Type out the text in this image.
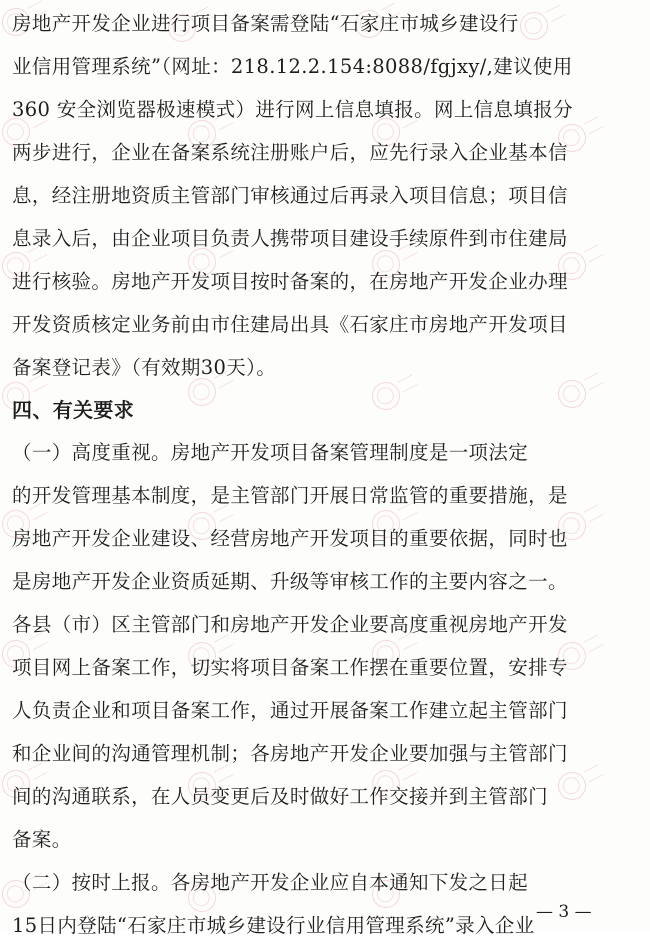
房地产开发企业进行项目备案需登陆“石家庄市城乡建设行
业信用管理系统”（网址：218.12.2.154:8088/fgjxy/,建议使用
360 安全浏览器极速模式）进行网上信息填报。网上信息填报分
两步进行，企业在备案系统注册账户后，应先行录入企业基本信
息，经注册地资质主管部门审核通过后再录入项目信息；项目信
息录入后，由企业项目负责人携带项目建设手续原件到市住建局
进行核验。房地产开发项目按时备案的，在房地产开发企业办理
开发资质核定业务前由市住建局出具《石家庄市房地产开发项目
备案登记表》（有效期30天）。
四、有关要求
（一）高度重视。房地产开发项目备案管理制度是一项法定
的开发管理基本制度，是主管部门开展日常监管的重要措施，是
房地产开发企业建设、经营房地产开发项目的重要依据，同时也
是房地产开发企业资质延期、升级等审核工作的主要内容之一。
各县（市）区主管部门和房地产开发企业要高度重视房地产开发
项目网上备案工作，切实将项目备案工作摆在重要位置，安排专
人负责企业和项目备案工作，通过开展备案工作建立起主管部门
和企业间的沟通管理机制；各房地产开发企业要加强与主管部门
间的沟通联系，在人员变更后及时做好工作交接并到主管部门
备案。
（二）按时上报。各房地产开发企业应自本通知下发之日起
15日内登陆“石家庄市城乡建设行业信用管理系统”录入企业
— 3 —
